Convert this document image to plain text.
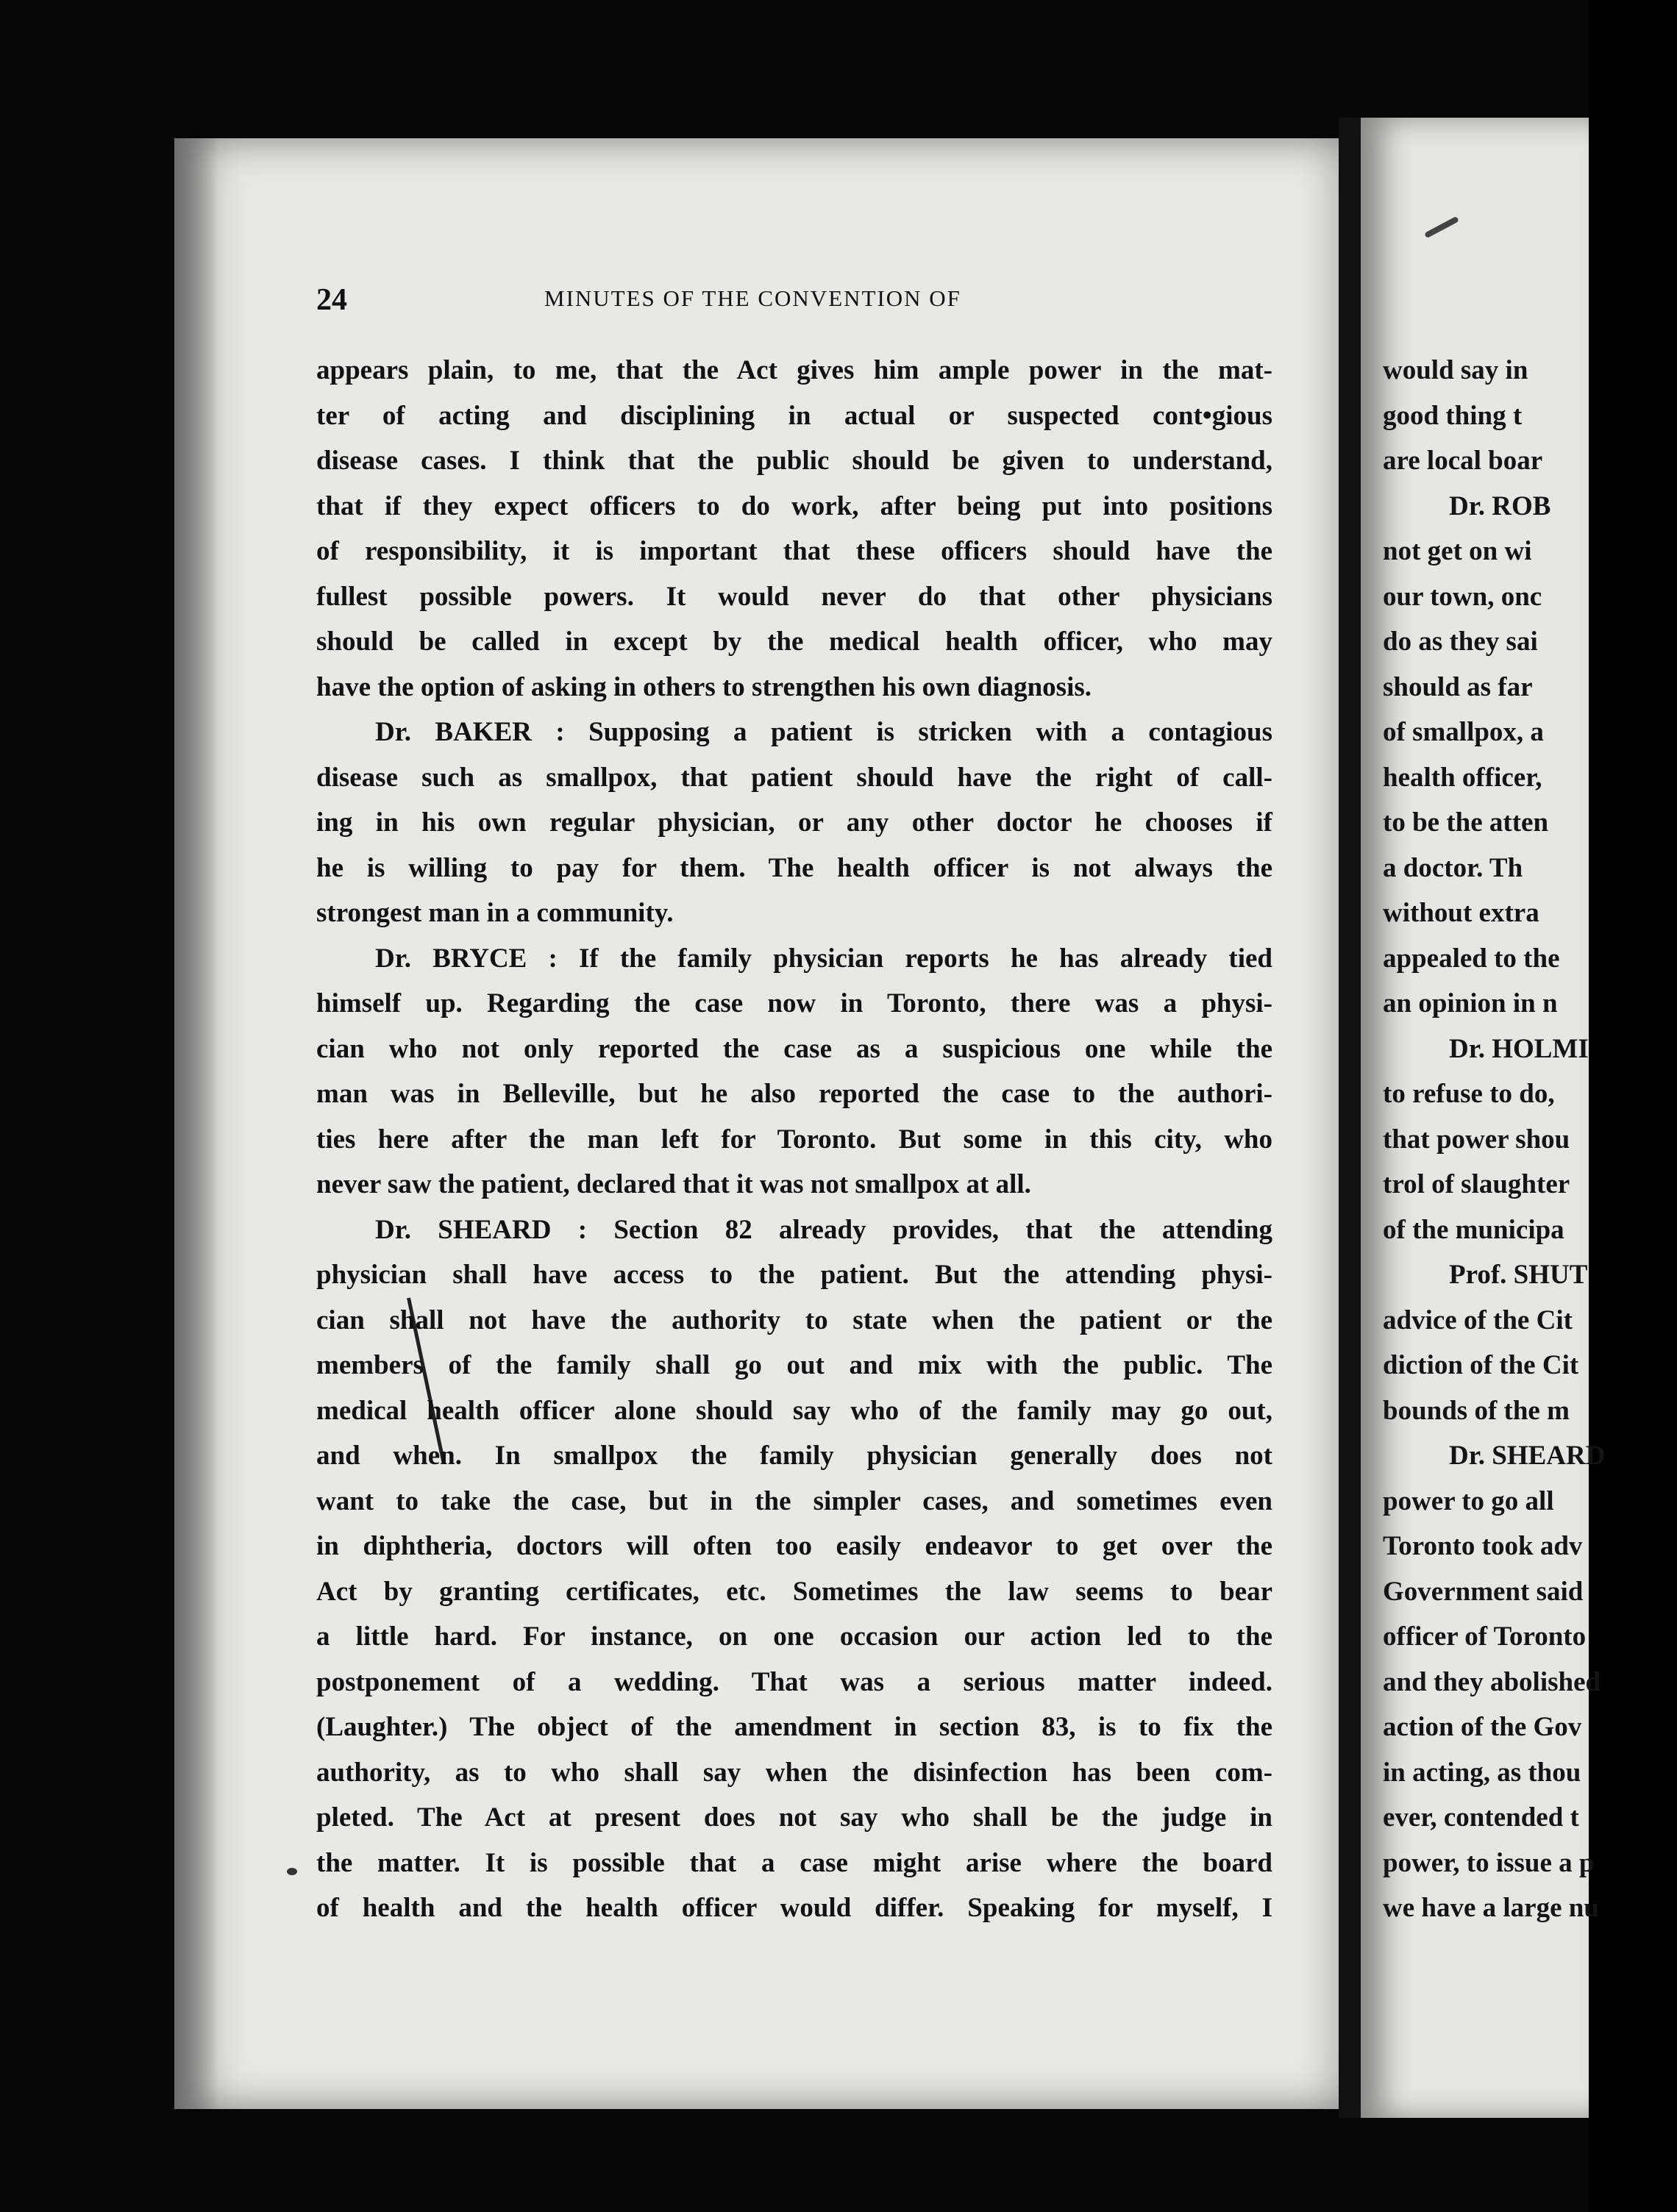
24	MINUTES OF THE CONVENTION OF
appears plain, to me, that the Act gives him ample power in the mat-
ter of acting and disciplining in actual or suspected cont•gious
disease cases. I think that the public should be given to understand,
that if they expect officers to do work, after being put into positions
of responsibility, it is important that these officers should have the
fullest possible powers. It would never do that other physicians
should be called in except by the medical health officer, who may
have the option of asking in others to strengthen his own diagnosis.
Dr. BAKER : Supposing a patient is stricken with a contagious
disease such as smallpox, that patient should have the right of call-
ing in his own regular physician, or any other doctor he chooses if
he is willing to pay for them. The health officer is not always the
strongest man in a community.
Dr. BRYCE : If the family physician reports he has already tied
himself up. Regarding the case now in Toronto, there was a physi-
cian who not only reported the case as a suspicious one while the
man was in Belleville, but he also reported the case to the authori-
ties here after the man left for Toronto. But some in this city, who
never saw the patient, declared that it was not smallpox at all.
Dr. SHEARD : Section 82 already provides, that the attending
physician shall have access to the patient. But the attending physi-
cian shall not have the authority to state when the patient or the
members of the family shall go out and mix with the public. The
medical health officer alone should say who of the family may go out,
and when. In smallpox the family physician generally does not
want to take the case, but in the simpler cases, and sometimes even
in diphtheria, doctors will often too easily endeavor to get over the
Act by granting certificates, etc. Sometimes the law seems to bear
a little hard. For instance, on one occasion our action led to the
postponement of a wedding. That was a serious matter indeed.
(Laughter.) The object of the amendment in section 83, is to fix the
authority, as to who shall say when the disinfection has been com-
pleted. The Act at present does not say who shall be the judge in
the matter. It is possible that a case might arise where the board
of health and the health officer would differ. Speaking for myself, I
would say in
good thing t
are local boar
Dr. ROB
not get on wi
our town, onc
do as they sai
should as far
of smallpox, a
health officer,
to be the atten
a doctor. Th
without extra
appealed to the
an opinion in n
Dr. HOLMI
to refuse to do,
that power shou
trol of slaughter
of the municipa
Prof. SHUT
advice of the Cit
diction of the Cit
bounds of the m
Dr. SHEARD
power to go all
Toronto took adv
Government said
officer of Toronto
and they abolished
action of the Gov
in acting, as thou
ever, contended t
power, to issue a p
we have a large nu
